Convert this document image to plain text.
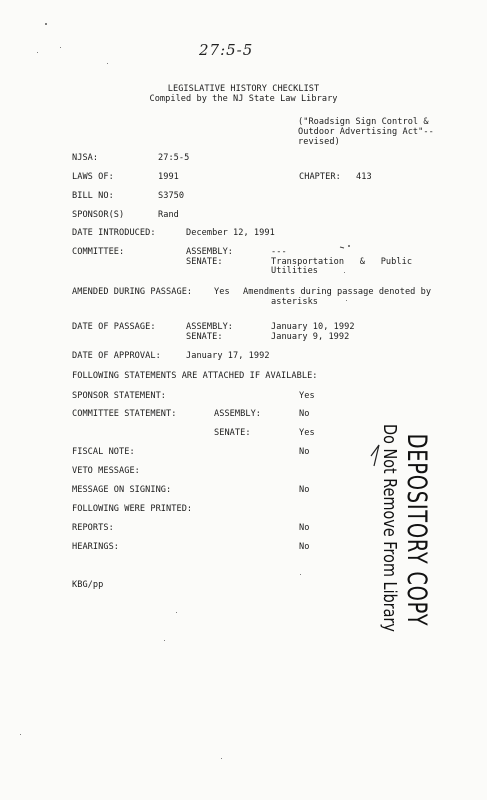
27:5-5
LEGISLATIVE HISTORY CHECKLIST
Compiled by the NJ State Law Library
("Roadsign Sign Control &
Outdoor Advertising Act"--
revised)
NJSA:	27:5-5
LAWS OF:	1991	CHAPTER: 413
BILL NO:	S3750
SPONSOR(S)	Rand
DATE INTRODUCED:	December 12, 1991
COMMITTEE:	ASSEMBLY:	---
SENATE:	Transportation   &   Public
Utilities
AMENDED DURING PASSAGE:	Yes Amendments during passage denoted by
asterisks
DATE OF PASSAGE:	ASSEMBLY:	January 10, 1992
SENATE:	January 9, 1992
DATE OF APPROVAL:	January 17, 1992
FOLLOWING STATEMENTS ARE ATTACHED IF AVAILABLE:
SPONSOR STATEMENT:	Yes
COMMITTEE STATEMENT:	ASSEMBLY:	No
SENATE:	Yes
FISCAL NOTE:	No
VETO MESSAGE:
MESSAGE ON SIGNING:	No
FOLLOWING WERE PRINTED:
REPORTS:	No
HEARINGS:	No
KBG/pp	DEPOSITORY COPY
Do Not Remove From Library
